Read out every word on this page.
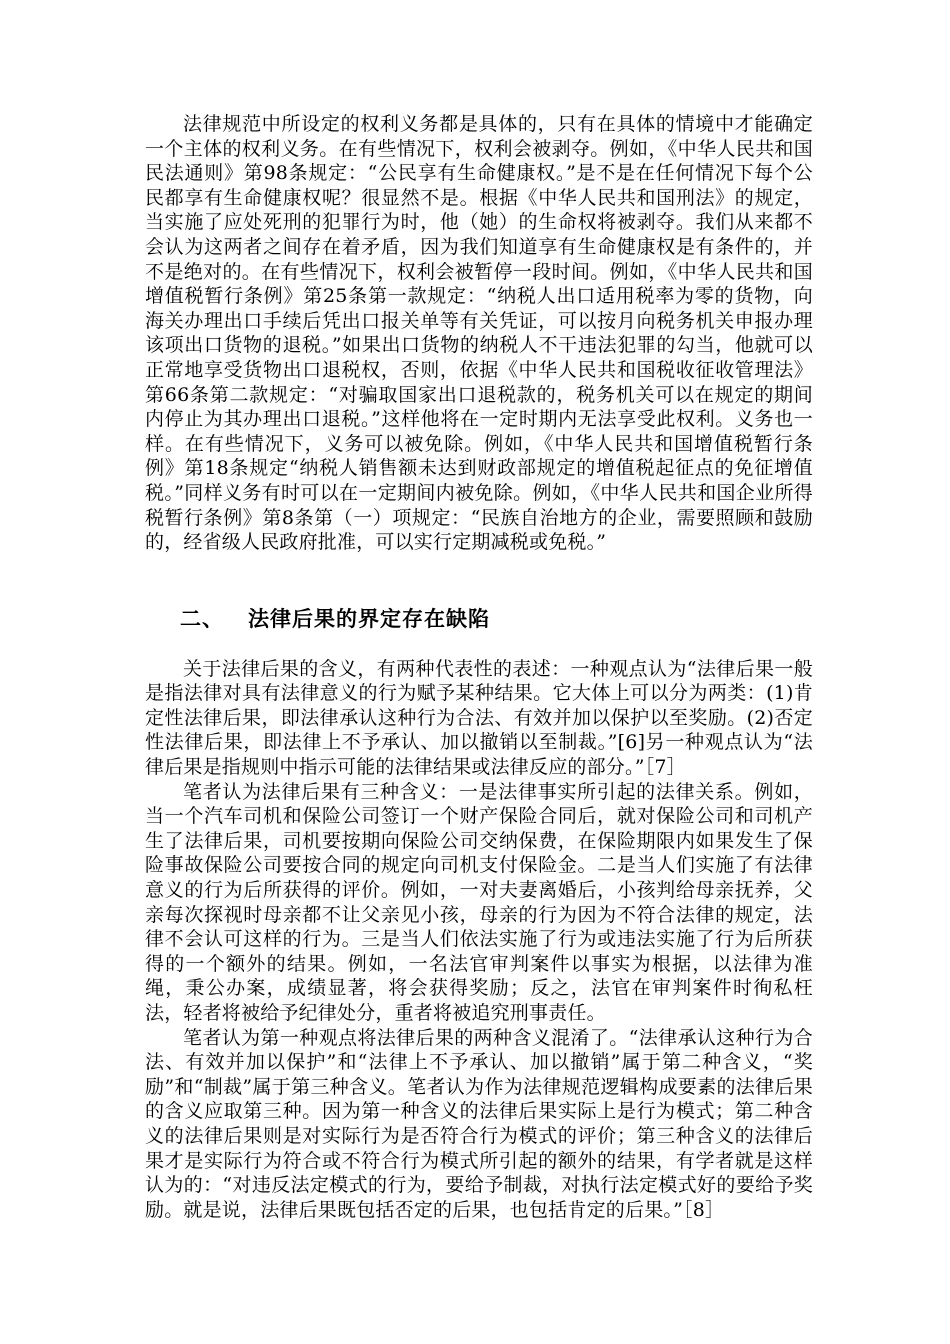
法律规范中所设定的权利义务都是具体的，只有在具体的情境中才能确定一个主体的权利义务。在有些情况下，权利会被剥夺。例如，《中华人民共和国民法通则》第98条规定：“公民享有生命健康权。”是不是在任何情况下每个公民都享有生命健康权呢？很显然不是。根据《中华人民共和国刑法》的规定，当实施了应处死刑的犯罪行为时，他（她）的生命权将被剥夺。我们从来都不会认为这两者之间存在着矛盾，因为我们知道享有生命健康权是有条件的，并不是绝对的。在有些情况下，权利会被暂停一段时间。例如，《中华人民共和国增值税暂行条例》第25条第一款规定：“纳税人出口适用税率为零的货物，向海关办理出口手续后凭出口报关单等有关凭证，可以按月向税务机关申报办理该项出口货物的退税。”如果出口货物的纳税人不干违法犯罪的勾当，他就可以正常地享受货物出口退税权，否则，依据《中华人民共和国税收征收管理法》第66条第二款规定：“对骗取国家出口退税款的，税务机关可以在规定的期间内停止为其办理出口退税。”这样他将在一定时期内无法享受此权利。义务也一样。在有些情况下，义务可以被免除。例如，《中华人民共和国增值税暂行条例》第18条规定“纳税人销售额未达到财政部规定的增值税起征点的免征增值税。”同样义务有时可以在一定期间内被免除。例如，《中华人民共和国企业所得税暂行条例》第8条第（一）项规定：“民族自治地方的企业，需要照顾和鼓励的，经省级人民政府批准，可以实行定期减税或免税。”

二、 法律后果的界定存在缺陷

关于法律后果的含义，有两种代表性的表述：一种观点认为“法律后果一般是指法律对具有法律意义的行为赋予某种结果。它大体上可以分为两类：(1)肯定性法律后果，即法律承认这种行为合法、有效并加以保护以至奖励。(2)否定性法律后果，即法律上不予承认、加以撤销以至制裁。”[6]另一种观点认为“法律后果是指规则中指示可能的法律结果或法律反应的部分。”［7］

笔者认为法律后果有三种含义：一是法律事实所引起的法律关系。例如，当一个汽车司机和保险公司签订一个财产保险合同后，就对保险公司和司机产生了法律后果，司机要按期向保险公司交纳保费，在保险期限内如果发生了保险事故保险公司要按合同的规定向司机支付保险金。二是当人们实施了有法律意义的行为后所获得的评价。例如，一对夫妻离婚后，小孩判给母亲抚养，父亲每次探视时母亲都不让父亲见小孩，母亲的行为因为不符合法律的规定，法律不会认可这样的行为。三是当人们依法实施了行为或违法实施了行为后所获得的一个额外的结果。例如，一名法官审判案件以事实为根据，以法律为准绳，秉公办案，成绩显著，将会获得奖励；反之，法官在审判案件时徇私枉法，轻者将被给予纪律处分，重者将被追究刑事责任。

笔者认为第一种观点将法律后果的两种含义混淆了。“法律承认这种行为合法、有效并加以保护”和“法律上不予承认、加以撤销”属于第二种含义，“奖励”和“制裁”属于第三种含义。笔者认为作为法律规范逻辑构成要素的法律后果的含义应取第三种。因为第一种含义的法律后果实际上是行为模式；第二种含义的法律后果则是对实际行为是否符合行为模式的评价；第三种含义的法律后果才是实际行为符合或不符合行为模式所引起的额外的结果，有学者就是这样认为的：“对违反法定模式的行为，要给予制裁，对执行法定模式好的要给予奖励。就是说，法律后果既包括否定的后果，也包括肯定的后果。”［8］
